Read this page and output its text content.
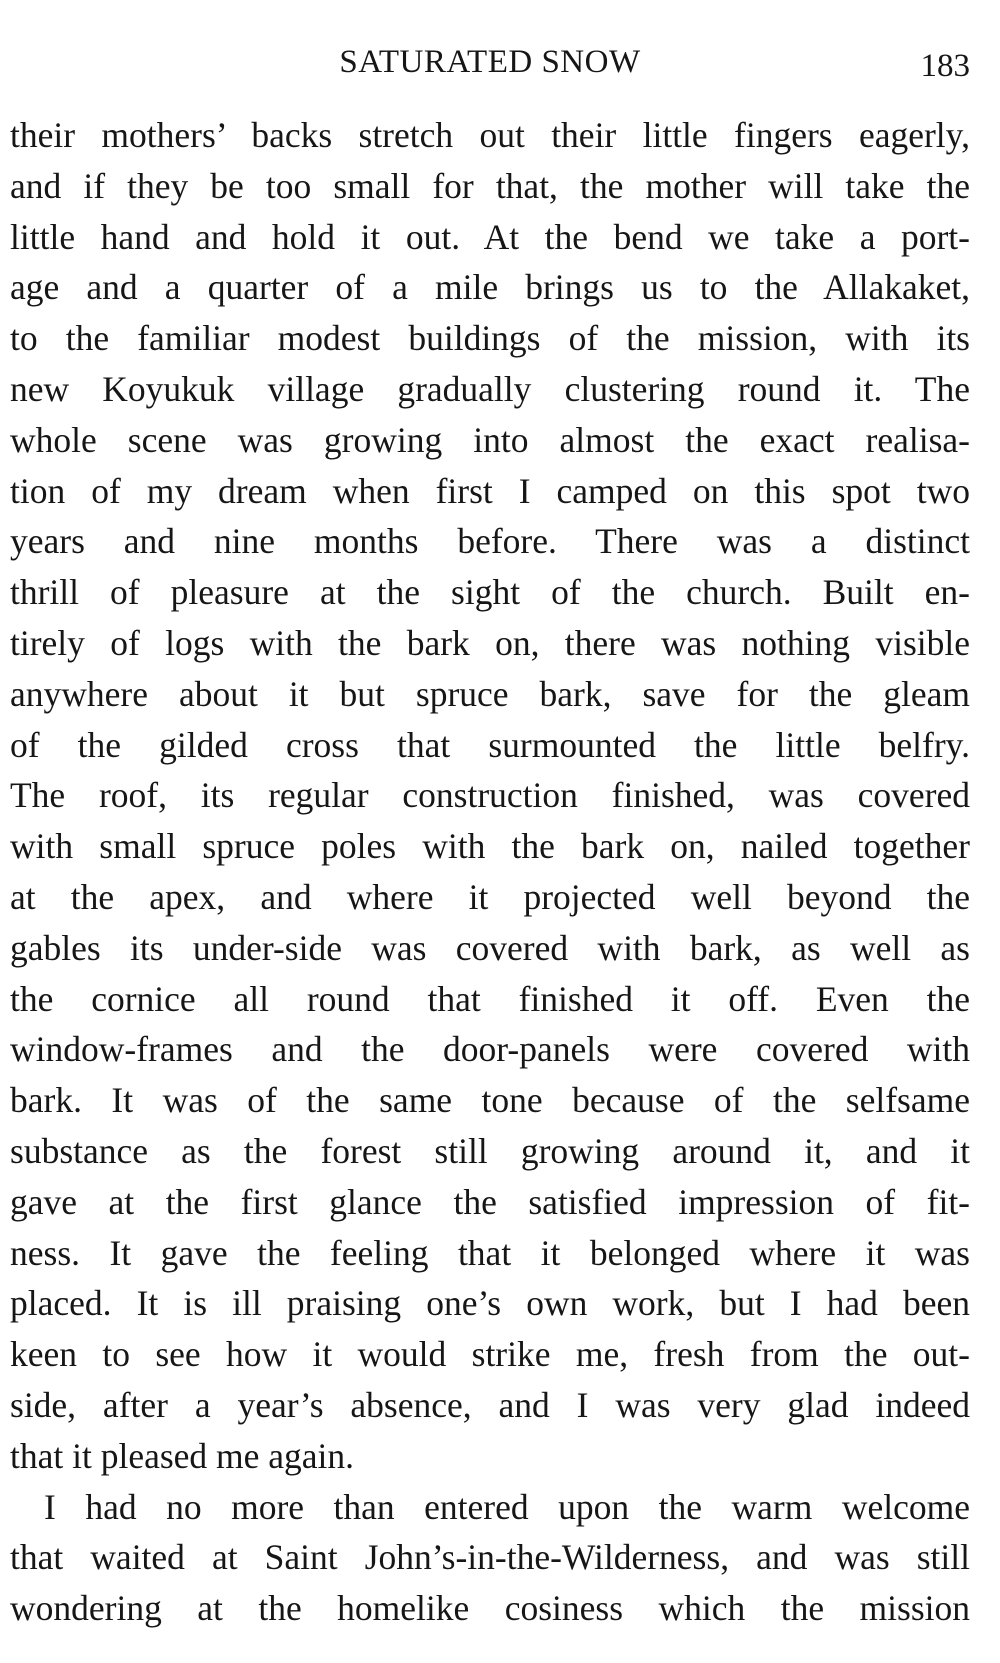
SATURATED SNOW	183
their mothers’ backs stretch out their little fingers eagerly,
and if they be too small for that, the mother will take the
little hand and hold it out. At the bend we take a port-
age and a quarter of a mile brings us to the Allakaket,
to the familiar modest buildings of the mission, with its
new Koyukuk village gradually clustering round it. The
whole scene was growing into almost the exact realisa-
tion of my dream when first I camped on this spot two
years and nine months before. There was a distinct
thrill of pleasure at the sight of the church. Built en-
tirely of logs with the bark on, there was nothing visible
anywhere about it but spruce bark, save for the gleam
of the gilded cross that surmounted the little belfry.
The roof, its regular construction finished, was covered
with small spruce poles with the bark on, nailed together
at the apex, and where it projected well beyond the
gables its under-side was covered with bark, as well as
the cornice all round that finished it off. Even the
window-frames and the door-panels were covered with
bark. It was of the same tone because of the selfsame
substance as the forest still growing around it, and it
gave at the first glance the satisfied impression of fit-
ness. It gave the feeling that it belonged where it was
placed. It is ill praising one’s own work, but I had been
keen to see how it would strike me, fresh from the out-
side, after a year’s absence, and I was very glad indeed
that it pleased me again.
I had no more than entered upon the warm welcome
that waited at Saint John’s-in-the-Wilderness, and was still
wondering at the homelike cosiness which the mission
